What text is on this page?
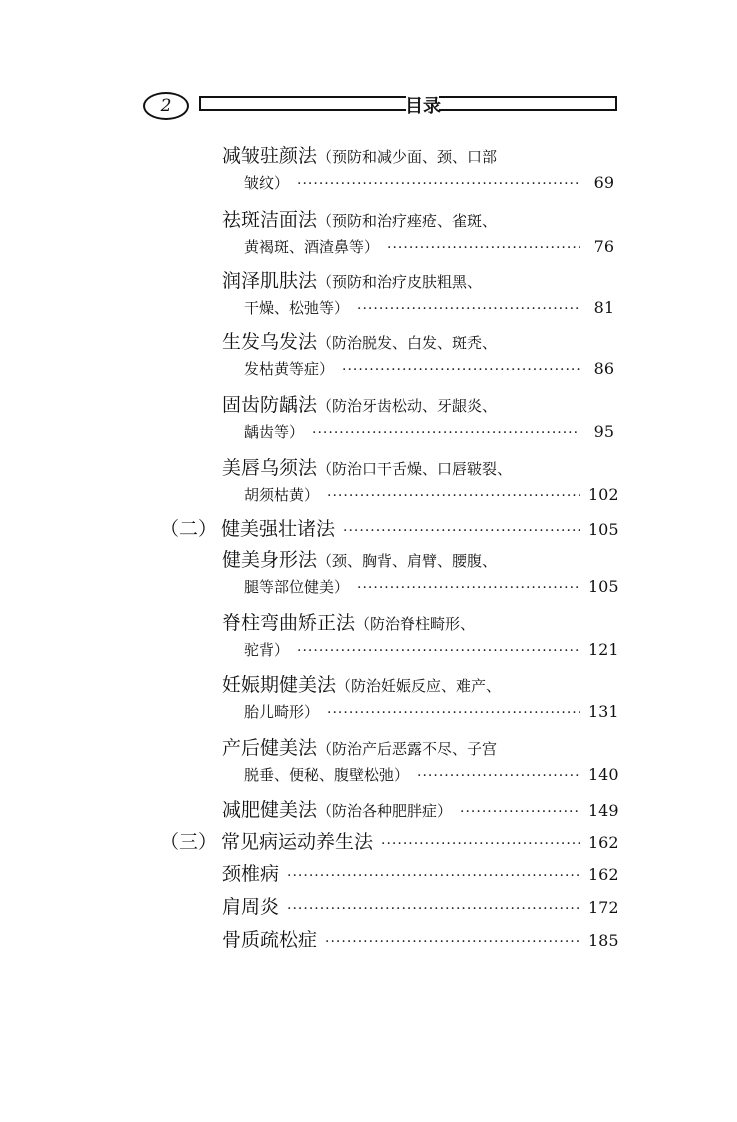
2	目录
减皱驻颜法 （预防和减少面、颈、口部
皱纹） ·····	69
祛斑洁面法 （预防和治疗痤疮、雀斑、
黄褐斑、酒渣鼻等） ·····	76
润泽肌肤法 （预防和治疗皮肤粗黑、
干燥、松弛等） ·····	81
生发乌发法 （防治脱发、白发、斑秃、
发枯黄等症） ·····	86
固齿防龋法 （防治牙齿松动、牙龈炎、
龋齿等） ·····	95
美唇乌须法 （防治口干舌燥、口唇皲裂、
胡须枯黄） ·····	102
（二） 健美强壮诸法 ·····	105
健美身形法 （颈、胸背、肩臂、腰腹、
腿等部位健美） ·····	105
脊柱弯曲矫正法 （防治脊柱畸形、
驼背） ·····	121
妊娠期健美法 （防治妊娠反应、难产、
胎儿畸形） ·····	131
产后健美法 （防治产后恶露不尽、子宫
脱垂、便秘、腹壁松弛） ·····	140
减肥健美法 （防治各种肥胖症） ·····	149
（三） 常见病运动养生法 ·····	162
颈椎病 ·····	162
肩周炎 ·····	172
骨质疏松症 ·····	185
